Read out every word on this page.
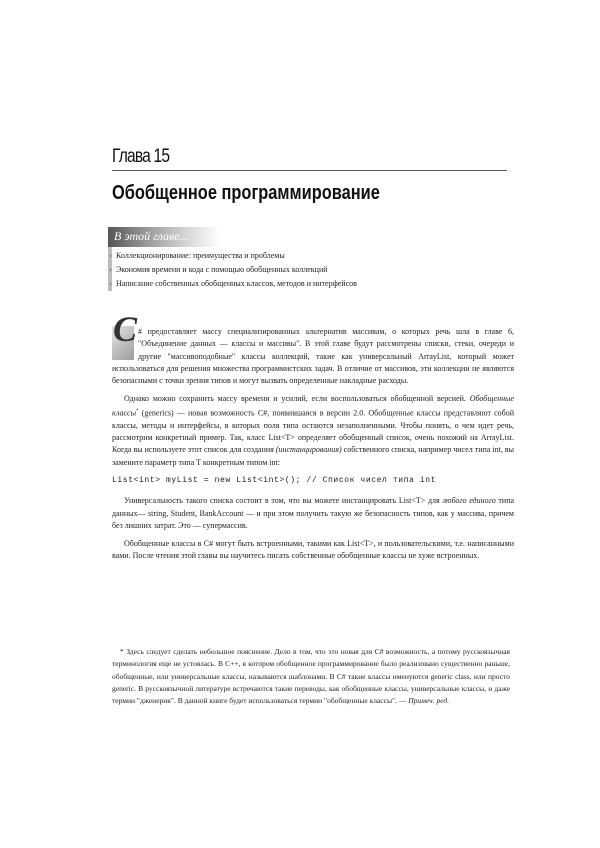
Глава 15
Обобщенное программирование
В этой главе...
› Коллекционирование: преимущества и проблемы
› Экономия времени и кода с помощью обобщенных коллекций
› Написание собственных обобщенных классов, методов и интерфейсов

С # предоставляет массу специализированных альтернатив массивам, о которых речь шла в главе 6, "Объединение данных — классы и массивы". В этой главе будут рассмотрены списки, стеки, очереди и другие "массивоподобные" классы коллекций, такие как универсальный ArrayList, который может использоваться для решения множества программистских задач. В отличие от массивов, эти коллекции не являются безопасными с точки зрения типов и могут вызвать определенные накладные расходы.

Однако можно сохранить массу времени и усилий, если воспользоваться обобщенной версией. Обобщенные классы* (generics) — новая возможность C#, появившаяся в версии 2.0. Обобщенные классы представляют собой классы, методы и интерфейсы, в которых поля типа остаются незаполненными. Чтобы понять, о чем идет речь, рассмотрим конкретный пример. Так, класс List<T> определяет обобщенный список, очень похожий на ArrayList. Когда вы используете этот список для создания (инстанцирования) собственного списка, например чисел типа int, вы замените параметр типа T конкретным типом int:

List<int> myList = new List<int>(); // Список чисел типа int

Универсальность такого списка состоит в том, что вы можете инстанцировать List<T> для любого единого типа данных— string, Student, BankAccount — и при этом получить такую же безопасность типов, как у массива, причем без лишних затрат. Это — супермассив.

Обобщенные классы в C# могут быть встроенными, такими как List<T>, и пользовательскими, т.е. написанными вами. После чтения этой главы вы научитесь писать собственные обобщенные классы не хуже встроенных.

* Здесь следует сделать небольшое пояснение. Дело в том, что это новая для C# возможность, а потому русскоязычная терминология еще не устоялась. В C++, в котором обобщенное программирование было реализовано существенно раньше, обобщенные, или универсальные классы, называются шаблонами. В C# такие классы именуются generic class, или просто generic. В русскоязычной литературе встречаются такие переводы, как обобщенные классы, универсальные классы, и даже термин "дженерик". В данной книге будет использоваться термин "обобщенные классы". — Примеч. ред.
